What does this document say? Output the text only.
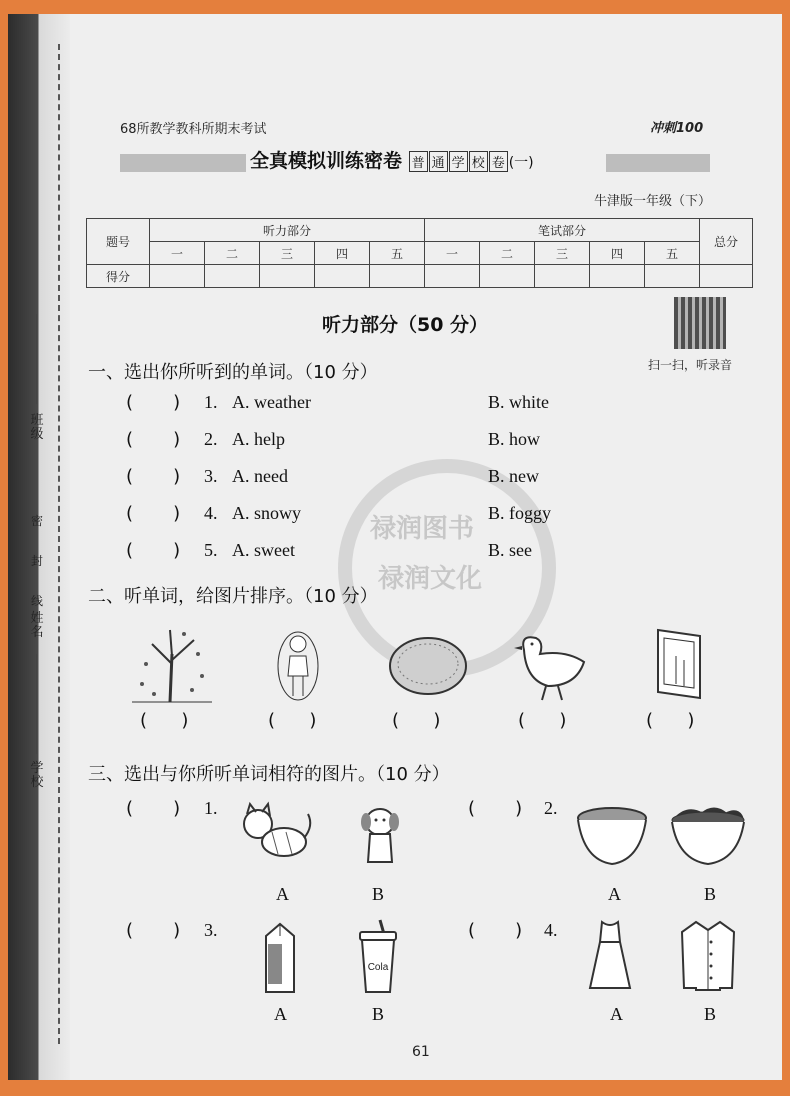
班级
姓名
密
封
线
学校
68所教学教科所期末考试	冲刺100
全真模拟训练密卷 普 通 学 校 卷 (一)
牛津版一年级（下）
题号	听力部分					笔试部分					总分
	一	二	三	四	五	一	二	三	四	五	
得分											
扫一扫，听录音
禄润图书
禄润文化
听力部分（50 分）
一、选出你所听到的单词。（10 分）
(       ) 1. A. weather	B. white
(       ) 2. A. help	B. how
(       ) 3. A. need	B. new
(       ) 4. A. snowy	B. foggy
(       ) 5. A. sweet	B. see
二、听单词，给图片排序。（10 分）
(      )	(      )	(      )	(      )	(      )
三、选出与你所听单词相符的图片。（10 分）
(       ) 1.
A	B
(       ) 2.
A	B
(       ) 3.
A
Cola
B
(       ) 4.
A	B
61
